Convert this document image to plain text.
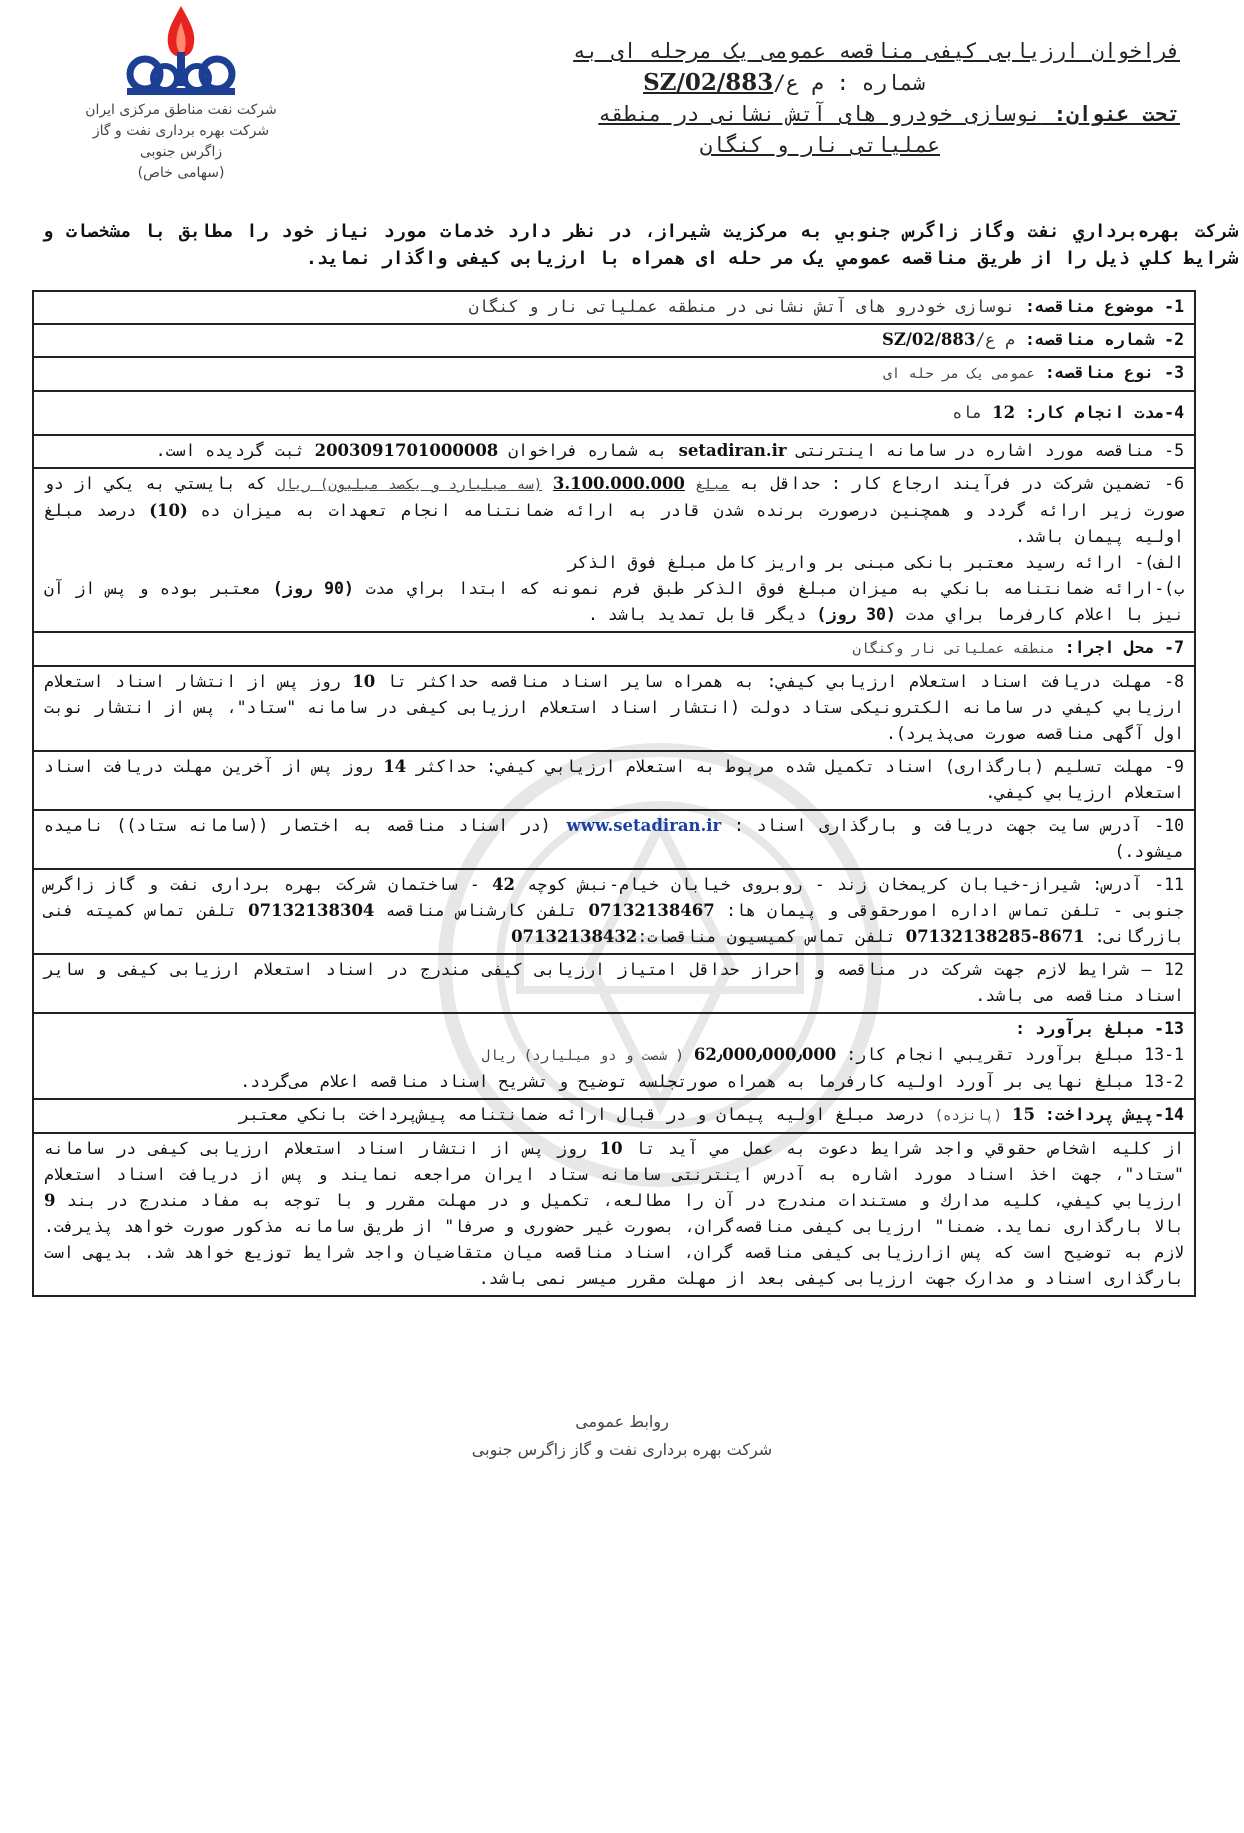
شرکت نفت مناطق مرکزی ایران
شرکت بهره برداری نفت و گاز
زاگرس جنوبی
(سهامی خاص)
فراخوان ارزیابی کیفی مناقصه عمومی یک مرحله ای به
شماره : م ع/SZ/02/883
تحت عنوان: نوسازی خودرو های آتش نشانی در منطقه
عملیاتی نار و کنگان
شرکت بهره‌برداري نفت وگاز زاگرس جنوبي به مرکزيت شيراز، در نظر دارد خدمات مورد نياز خود را مطابق با مشخصات و شرايط کلي ذيل را از طريق مناقصه عمومي يک مر حله ای همراه با ارزيابی کيفی واگذار نمايد.
1- موضوع مناقصه: نوسازی خودرو های آتش نشانی در منطقه عملیاتی نار و کنگان
2- شماره مناقصه: م ع/SZ/02/883
3- نوع مناقصه: عمومی یک مر حله ای
4-مدت انجام کار: 12 ماه
5- مناقصه مورد اشاره در سامانه اینترنتی setadiran.ir به شماره فراخوان 2003091701000008 ثبت گردیده است.
6- تضمین شرکت در فرآیند ارجاع کار : حداقل به مبلغ 3.100.000.000 (سه میلیارد و یکصد میلیون) ریال که بايستي به يکي از دو صورت زير ارائه گردد و همچنین درصورت برنده شدن قادر به ارائه ضمانتنامه انجام تعهدات به میزان ده (10) درصد مبلغ اولیه پیمان باشد.
الف)- ارائه رسید معتبر بانکی مبنی بر واریز کامل مبلغ فوق الذکر
ب)-ارائه ضمانتنامه بانكي به ميزان مبلغ فوق الذكر طبق فرم نمونه كه ابتدا براي مدت (90 روز) معتبر بوده و پس از آن نيز با اعلام كارفرما براي مدت (30 روز) ديگر قابل تمديد باشد .
7- محل اجرا: منطقه عملیاتی نار وکنگان
8- مهلت دريافت اسناد استعلام ارزيابي كيفي: به همراه سایر اسناد مناقصه حداكثر تا 10 روز پس از انتشار اسناد استعلام ارزيابي كيفي در سامانه الکترونیکی ستاد دولت (انتشار اسناد استعلام ارزیابی کیفی در سامانه "ستاد"، پس از انتشار نوبت اول آگهی مناقصه صورت می‌پذیرد).
9- مهلت تسليم (بارگذاری) اسناد تكميل شده مربوط به استعلام ارزيابي كيفي: حداکثر 14 روز پس از آخرين مهلت دريافت اسناد استعلام ارزيابي كيفي.
10- آدرس سایت جهت دریافت و بارگذاری اسناد : www.setadiran.ir (در اسناد مناقصه به اختصار ((سامانه ستاد)) نامیده میشود.)
11- آدرس: شیراز-خیابان کریمخان زند - روبروی خیابان خیام-نبش کوچه 42 - ساختمان شرکت بهره برداری نفت و گاز زاگرس جنوبی - تلفن تماس اداره امورحقوقی و پیمان ها: 07132138467 تلفن کارشناس مناقصه 07132138304 تلفن تماس کمیته فنی بازرگانی: 07132138285-8671 تلفن تماس کمیسیون مناقصات:07132138432
12 – شرایط لازم جهت شرکت در مناقصه و احراز حداقل امتیاز ارزیابی کیفی مندرج در اسناد استعلام ارزیابی کیفی و سایر اسناد مناقصه می باشد.
13- مبلغ برآورد :
13-1 مبلغ برآورد تقريبي انجام كار: 62٫000٫000٫000 ( شصت و دو میلیارد) ریال
13-2 مبلغ نهایی بر آورد اولیه کارفرما به همراه صورتجلسه توضیح و تشریح اسناد مناقصه اعلام می‌گردد.
14-پيش پرداخت: 15 (پانزده) درصد مبلغ اولیه پیمان و در قبال ارائه ضمانتنامه پیش‌پرداخت بانكي معتبر
از كليه اشخاص حقوقي واجد شرايط دعوت به عمل مي آيد تا 10 روز پس از انتشار اسناد استعلام ارزیابی کیفی در سامانه "ستاد"، جهت اخذ اسناد مورد اشاره به آدرس اینترنتی سامانه ستاد ايران مراجعه نمايند و پس از دريافت اسناد استعلام ارزيابي كيفي، كليه مدارك و مستندات مندرج در آن را مطالعه، تكميل و در مهلت مقرر و با توجه به مفاد مندرج در بند 9 بالا بارگذاری نمايد. ضمنا" ارزیابی کیفی مناقصه‌گران، بصورت غیر حضوری و صرفا" از طریق سامانه مذکور صورت خواهد پذیرفت. لازم به توضیح است که پس ازارزیابی کیفی مناقصه گران، اسناد مناقصه میان متقاضیان واجد شرایط توزیع خواهد شد. بدیهی است بارگذاری اسناد و مدارک جهت ارزیابی کیفی بعد از مهلت مقرر میسر نمی باشد.
روابط عمومی
شرکت بهره برداری نفت و گاز زاگرس جنوبی
